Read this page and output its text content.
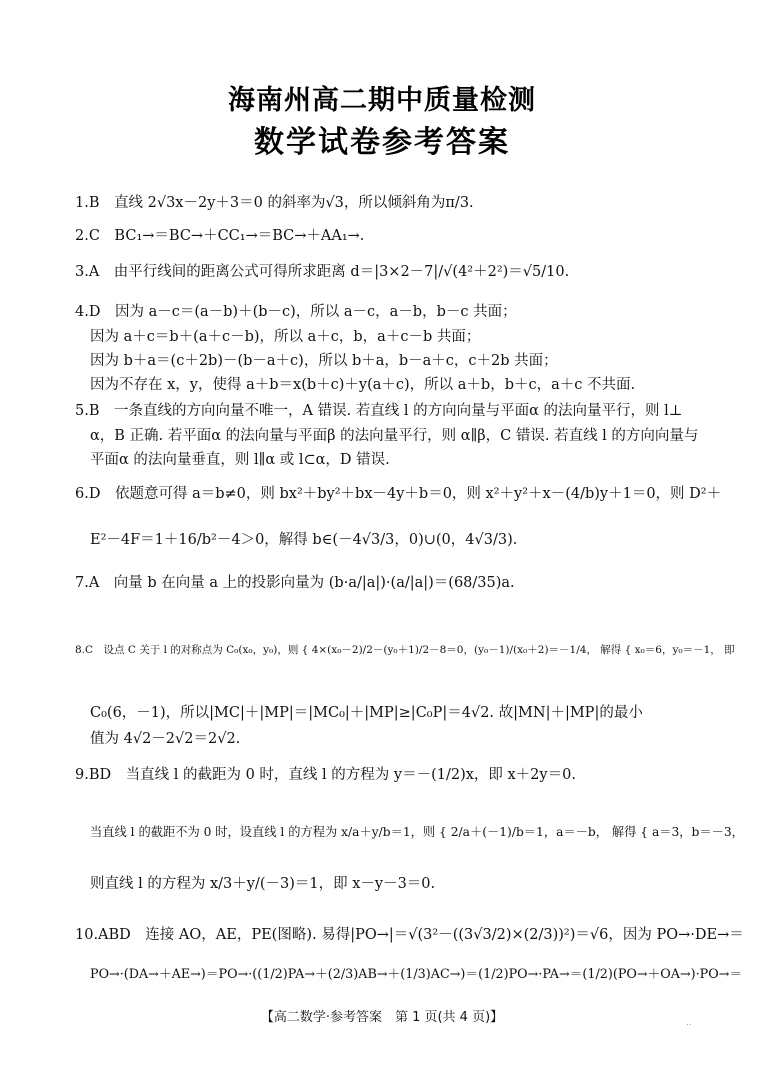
海南州高二期中质量检测
数学试卷参考答案
1.B　直线 2√3x－2y＋3＝0 的斜率为√3，所以倾斜角为π/3.
2.C　BC₁→＝BC→＋CC₁→＝BC→＋AA₁→.
3.A　由平行线间的距离公式可得所求距离 d＝|3×2－7|/√(4²＋2²)＝√5/10.
4.D　因为 a－c＝(a－b)＋(b－c)，所以 a－c，a－b，b－c 共面；
因为 a＋c＝b＋(a＋c－b)，所以 a＋c，b，a＋c－b 共面；
因为 b＋a＝(c＋2b)－(b－a＋c)，所以 b＋a，b－a＋c，c＋2b 共面；
因为不存在 x，y，使得 a＋b＝x(b＋c)＋y(a＋c)，所以 a＋b，b＋c，a＋c 不共面.
5.B　一条直线的方向向量不唯一，A 错误. 若直线 l 的方向向量与平面α 的法向量平行，则 l⊥
α，B 正确. 若平面α 的法向量与平面β 的法向量平行，则 α∥β，C 错误. 若直线 l 的方向向量与
平面α 的法向量垂直，则 l∥α 或 l⊂α，D 错误.
6.D　依题意可得 a＝b≠0，则 bx²＋by²＋bx－4y＋b＝0，则 x²＋y²＋x－(4/b)y＋1＝0，则 D²＋
E²－4F＝1＋16/b²－4＞0，解得 b∈(－4√3/3，0)∪(0，4√3/3).
7.A　向量 b 在向量 a 上的投影向量为 (b·a/|a|)·(a/|a|)＝(68/35)a.
8.C　设点 C 关于 l 的对称点为 C₀(x₀，y₀)，则 { 4×(x₀－2)/2－(y₀＋1)/2－8＝0，(y₀－1)/(x₀＋2)＝－1/4， 解得 { x₀＝6，y₀＝－1， 即
C₀(6，－1)，所以|MC|＋|MP|＝|MC₀|＋|MP|≥|C₀P|＝4√2. 故|MN|＋|MP|的最小
值为 4√2－2√2＝2√2.
9.BD　当直线 l 的截距为 0 时，直线 l 的方程为 y＝－(1/2)x，即 x＋2y＝0.
当直线 l 的截距不为 0 时，设直线 l 的方程为 x/a＋y/b＝1，则 { 2/a＋(－1)/b＝1，a＝－b， 解得 { a＝3，b＝－3，
则直线 l 的方程为 x/3＋y/(－3)＝1，即 x－y－3＝0.
10.ABD　连接 AO，AE，PE(图略). 易得|PO→|＝√(3²－((3√3/2)×(2/3))²)＝√6，因为 PO→·DE→＝
PO→·(DA→＋AE→)＝PO→·((1/2)PA→＋(2/3)AB→＋(1/3)AC→)＝(1/2)PO→·PA→＝(1/2)(PO→＋OA→)·PO→＝
【高二数学·参考答案　第 1 页(共 4 页)】	..
